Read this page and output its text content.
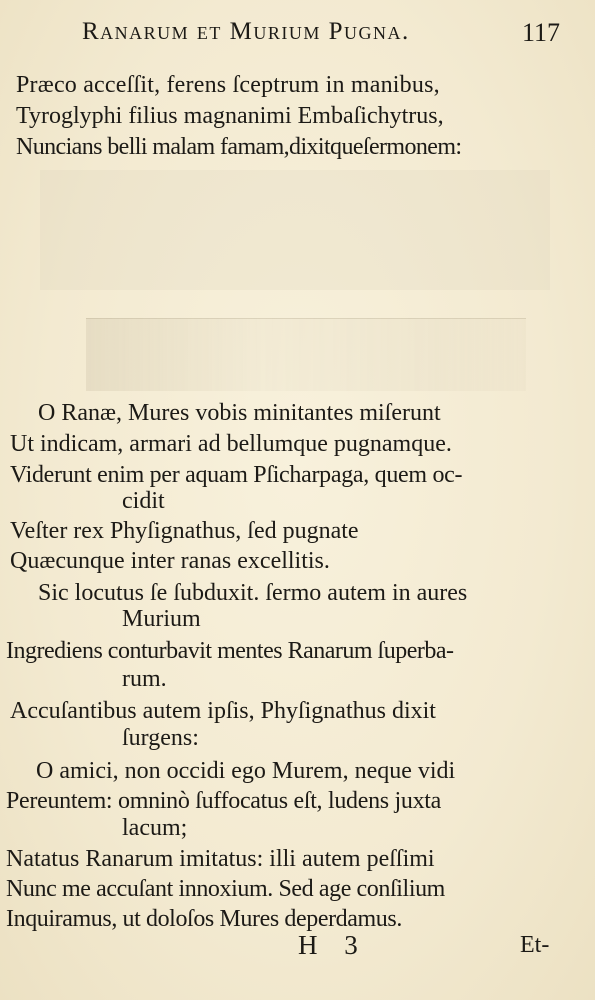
Ranarum et Murium Pugna.	117
Præco acceſſit, ferens ſceptrum in manibus,
Tyroglyphi filius magnanimi Embaſichytrus,
Nuncians belli malam famam,dixitqueſermonem:
O Ranæ, Mures vobis minitantes miſerunt
Ut indicam, armari ad bellumque pugnamque.
Viderunt enim per aquam Pſicharpaga, quem oc-
cidit
Veſter rex Phyſignathus, ſed pugnate
Quæcunque inter ranas excellitis.
Sic locutus ſe ſubduxit. ſermo autem in aures
Murium
Ingrediens conturbavit mentes Ranarum ſuperba-
rum.
Accuſantibus autem ipſis, Phyſignathus dixit
ſurgens:
O amici, non occidi ego Murem, neque vidi
Pereuntem: omninò ſuffocatus eſt, ludens juxta
lacum;
Natatus Ranarum imitatus: illi autem peſſimi
Nunc me accuſant innoxium. Sed age conſilium
Inquiramus, ut doloſos Mures deperdamus.
H 3	Et-
